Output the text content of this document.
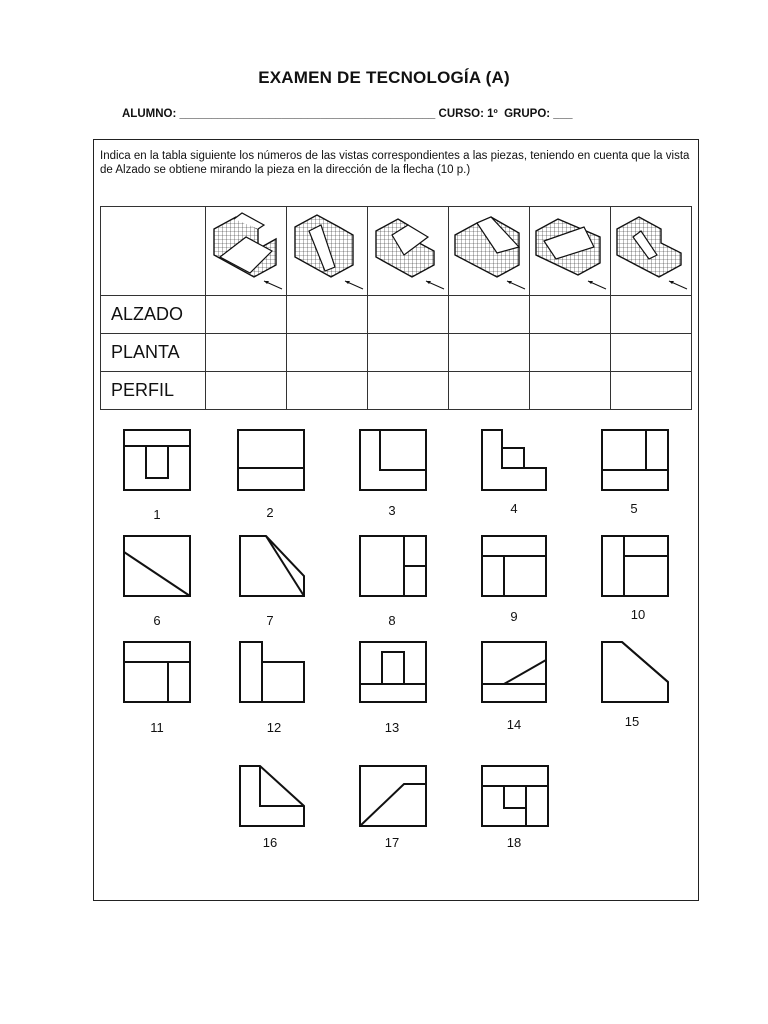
EXAMEN DE TECNOLOGÍA (A)
ALUMNO: ________________________________________ CURSO: 1º  GRUPO: ___
Indica en la tabla siguiente los números de las vistas correspondientes a las piezas, teniendo en cuenta que la vista de Alzado se obtiene mirando la pieza en la dirección de la flecha (10 p.)

ALZADO						
PLANTA						
PERFIL						
1	2	3	4	5
6	7	8	9	10
11	12	13	14	15
16	17	18
